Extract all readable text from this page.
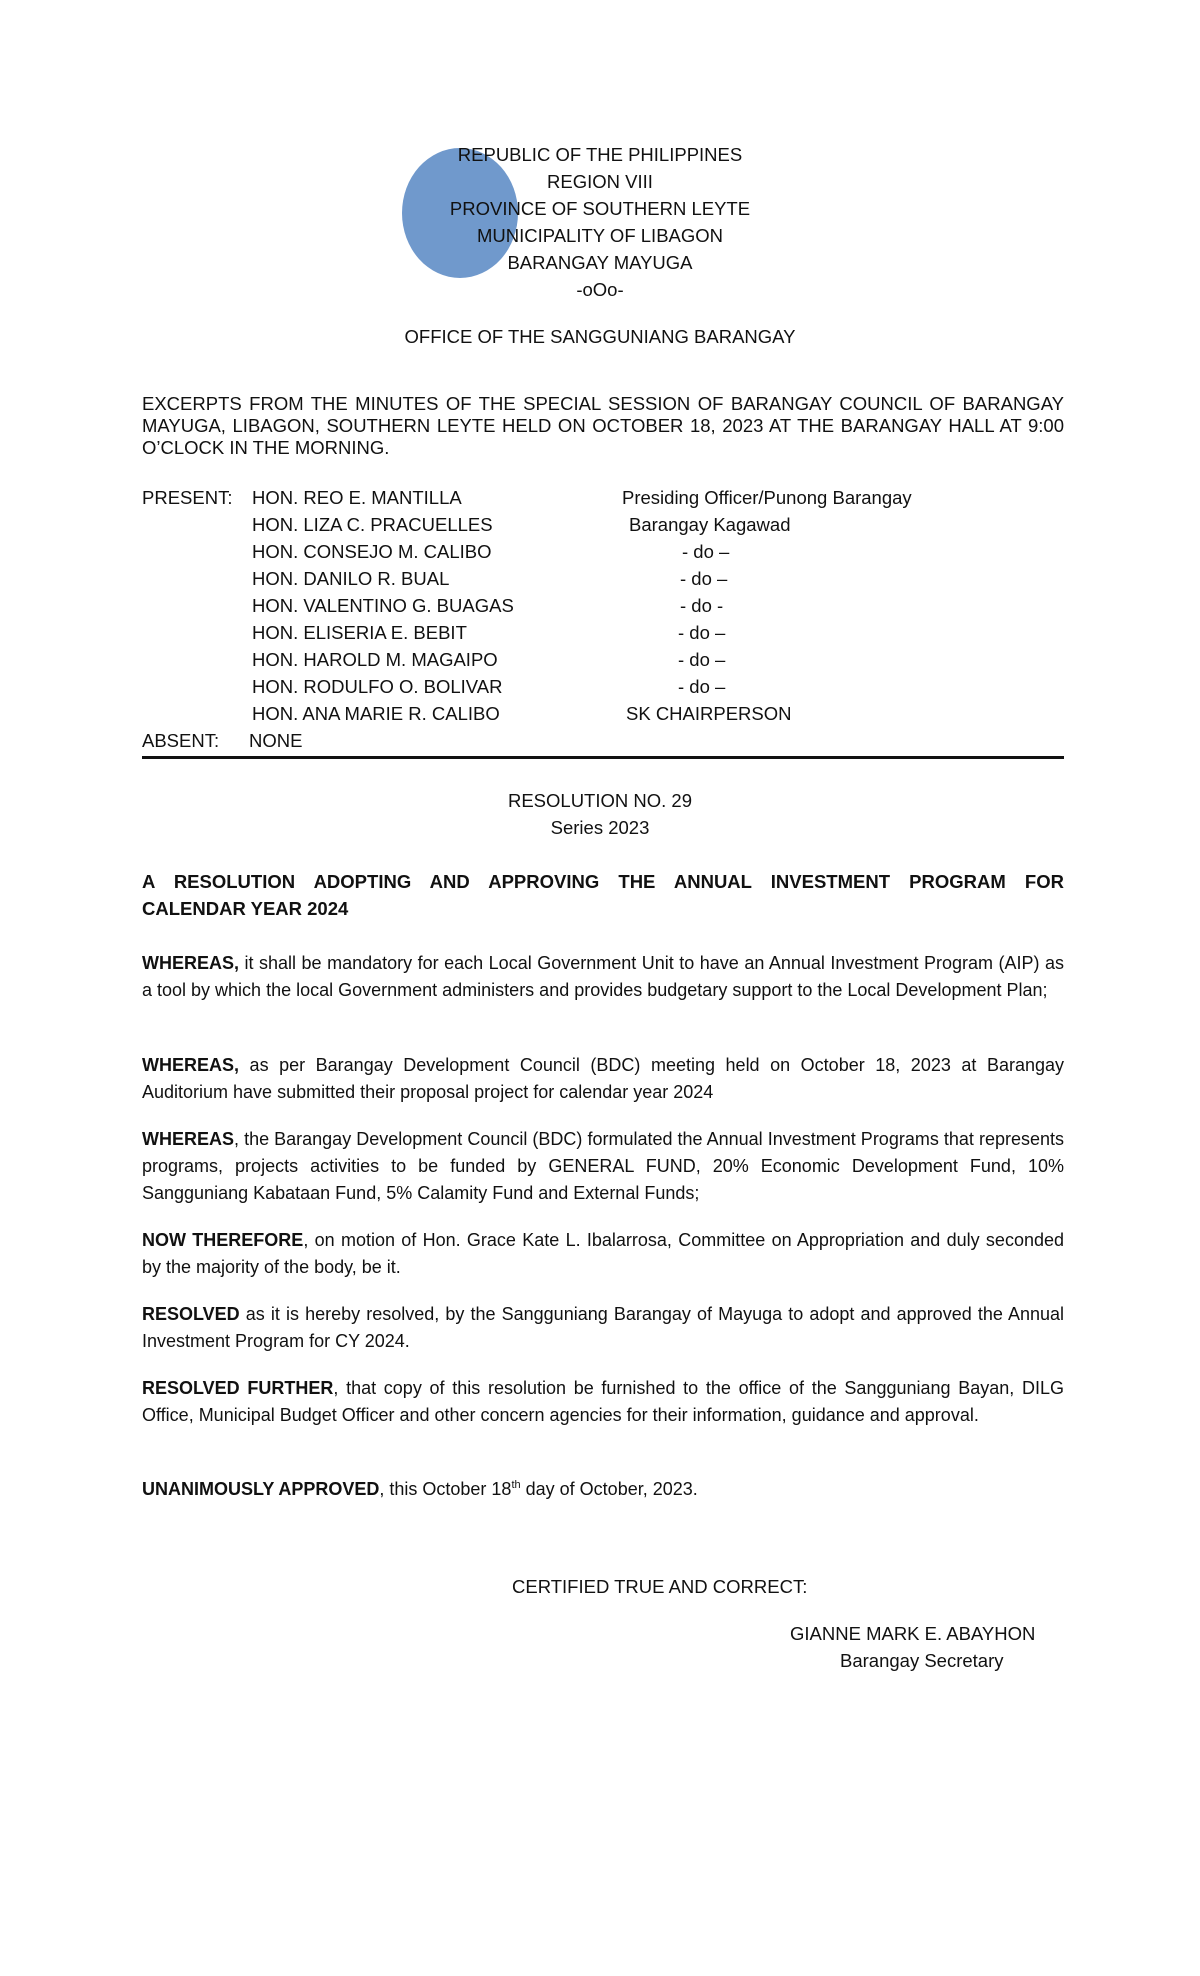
REPUBLIC OF THE PHILIPPINES
REGION VIII
PROVINCE OF SOUTHERN LEYTE
MUNICIPALITY OF LIBAGON
BARANGAY MAYUGA
-oOo-
OFFICE OF THE SANGGUNIANG BARANGAY
EXCERPTS FROM THE MINUTES OF THE SPECIAL SESSION OF BARANGAY COUNCIL OF BARANGAY MAYUGA, LIBAGON, SOUTHERN LEYTE HELD ON OCTOBER 18, 2023 AT THE BARANGAY HALL AT 9:00 O’CLOCK IN THE MORNING.
PRESENT: HON. REO E. MANTILLA	Presiding Officer/Punong Barangay
HON. LIZA C. PRACUELLES	Barangay Kagawad
HON. CONSEJO M. CALIBO	- do –
HON. DANILO R. BUAL	- do –
HON. VALENTINO G. BUAGAS	- do -
HON. ELISERIA E. BEBIT	- do –
HON. HAROLD M. MAGAIPO	- do –
HON. RODULFO O. BOLIVAR	- do –
HON. ANA MARIE R. CALIBO	SK CHAIRPERSON
ABSENT: NONE
RESOLUTION NO. 29
Series 2023
A RESOLUTION ADOPTING AND APPROVING THE ANNUAL INVESTMENT PROGRAM FOR
CALENDAR YEAR 2024
WHEREAS, it shall be mandatory for each Local Government Unit to have an Annual Investment Program (AIP) as a tool by which the local Government administers and provides budgetary support to the Local Development Plan;
WHEREAS, as per Barangay Development Council (BDC) meeting held on October 18, 2023 at Barangay Auditorium have submitted their proposal project for calendar year 2024
WHEREAS, the Barangay Development Council (BDC) formulated the Annual Investment Programs that represents programs, projects activities to be funded by GENERAL FUND, 20% Economic Development Fund, 10% Sangguniang Kabataan Fund, 5% Calamity Fund and External Funds;
NOW THEREFORE, on motion of Hon. Grace Kate L. Ibalarrosa, Committee on Appropriation and duly seconded by the majority of the body, be it.
RESOLVED as it is hereby resolved, by the Sangguniang Barangay of Mayuga to adopt and approved the Annual Investment Program for CY 2024.
RESOLVED FURTHER, that copy of this resolution be furnished to the office of the Sangguniang Bayan, DILG Office, Municipal Budget Officer and other concern agencies for their information, guidance and approval.
UNANIMOUSLY APPROVED, this October 18th day of October, 2023.
CERTIFIED TRUE AND CORRECT:
GIANNE MARK E. ABAYHON
Barangay Secretary
